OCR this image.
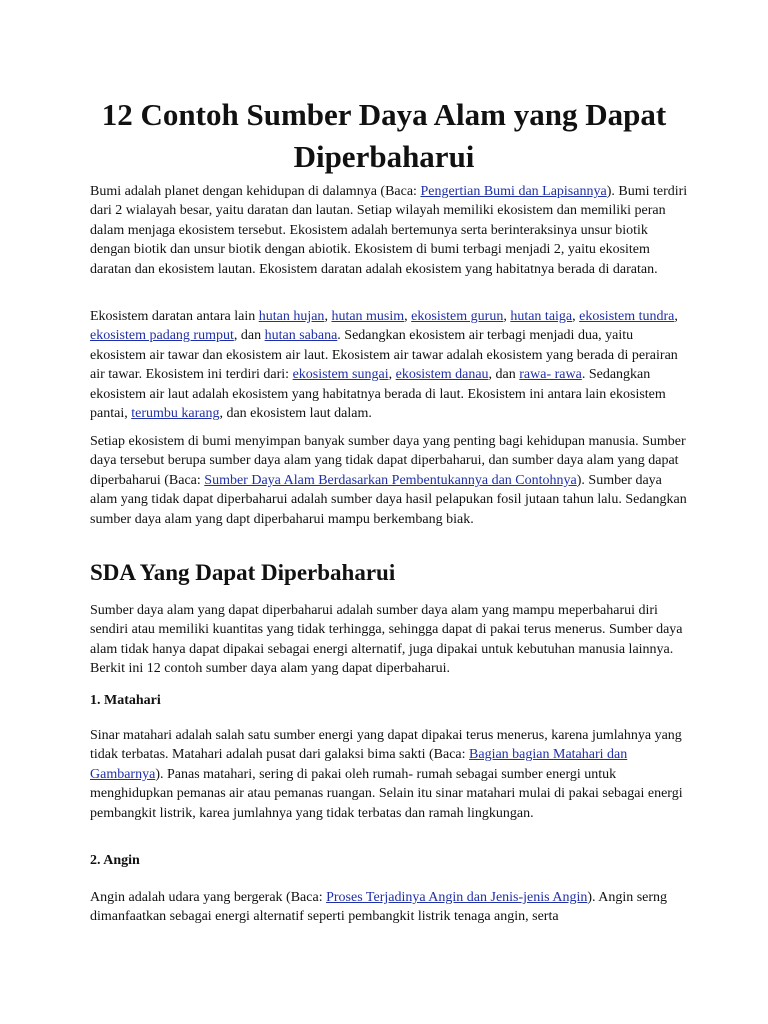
12 Contoh Sumber Daya Alam yang Dapat Diperbaharui

Bumi adalah planet dengan kehidupan di dalamnya (Baca: Pengertian Bumi dan Lapisannya). Bumi terdiri dari 2 wialayah besar, yaitu daratan dan lautan. Setiap wilayah memiliki ekosistem dan memiliki peran dalam menjaga ekosistem tersebut. Ekosistem adalah bertemunya serta berinteraksinya unsur biotik dengan biotik dan unsur biotik dengan abiotik. Ekosistem di bumi terbagi menjadi 2, yaitu ekositem daratan dan ekosistem lautan. Ekosistem daratan adalah ekosistem yang habitatnya berada di daratan.

Ekosistem daratan antara lain hutan hujan, hutan musim, ekosistem gurun, hutan taiga, ekosistem tundra, ekosistem padang rumput, dan hutan sabana. Sedangkan ekosistem air terbagi menjadi dua, yaitu ekosistem air tawar dan ekosistem air laut. Ekosistem air tawar adalah ekosistem yang berada di perairan air tawar. Ekosistem ini terdiri dari: ekosistem sungai, ekosistem danau, dan rawa- rawa. Sedangkan ekosistem air laut adalah ekosistem yang habitatnya berada di laut. Ekosistem ini antara lain ekosistem pantai, terumbu karang, dan ekosistem laut dalam.

Setiap ekosistem di bumi menyimpan banyak sumber daya yang penting bagi kehidupan manusia. Sumber daya tersebut berupa sumber daya alam yang tidak dapat diperbaharui, dan sumber daya alam yang dapat diperbaharui (Baca: Sumber Daya Alam Berdasarkan Pembentukannya dan Contohnya). Sumber daya alam yang tidak dapat diperbaharui adalah sumber daya hasil pelapukan fosil jutaan tahun lalu. Sedangkan sumber daya alam yang dapt diperbaharui mampu berkembang biak.

SDA Yang Dapat Diperbaharui

Sumber daya alam yang dapat diperbaharui adalah sumber daya alam yang mampu meperbaharui diri sendiri atau memiliki kuantitas yang tidak terhingga, sehingga dapat di pakai terus menerus. Sumber daya alam tidak hanya dapat dipakai sebagai energi alternatif, juga dipakai untuk kebutuhan manusia lainnya. Berkit ini 12 contoh sumber daya alam yang dapat diperbaharui.

1. Matahari

Sinar matahari adalah salah satu sumber energi yang dapat dipakai terus menerus, karena jumlahnya yang tidak terbatas. Matahari adalah pusat dari galaksi bima sakti (Baca: Bagian bagian Matahari dan Gambarnya). Panas matahari, sering di pakai oleh rumah- rumah sebagai sumber energi untuk menghidupkan pemanas air atau pemanas ruangan. Selain itu sinar matahari mulai di pakai sebagai energi pembangkit listrik, karea jumlahnya yang tidak terbatas dan ramah lingkungan.

2. Angin

Angin adalah udara yang bergerak (Baca: Proses Terjadinya Angin dan Jenis-jenis Angin). Angin serng dimanfaatkan sebagai energi alternatif seperti pembangkit listrik tenaga angin, serta
